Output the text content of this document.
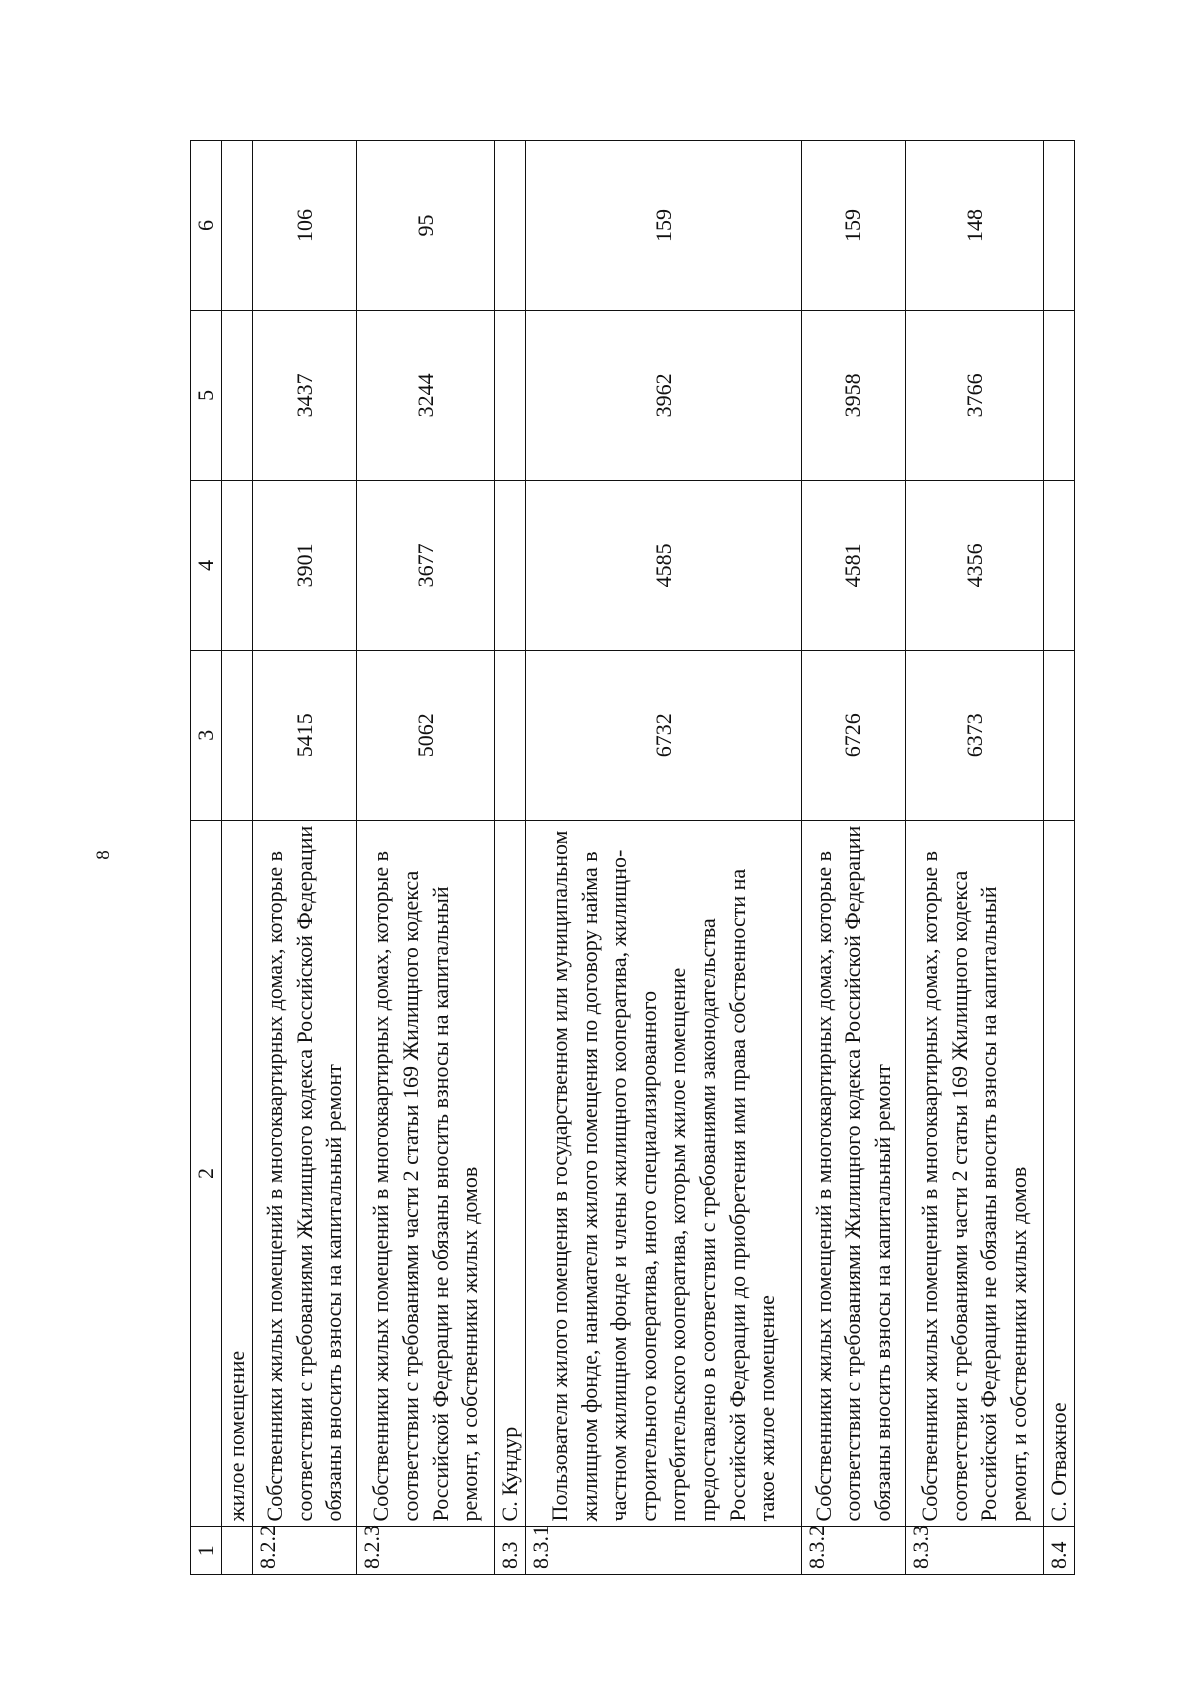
8
1	2	3	4	5	6
	жилое помещение				
8.2.2	Собственники жилых помещений в многоквартирных домах, которые в соответствии с требованиями Жилищного кодекса Российской Федерации обязаны вносить взносы на капитальный ремонт	5415	3901	3437	106
8.2.3	Собственники жилых помещений в многоквартирных домах, которые в соответствии с требованиями части 2 статьи 169 Жилищного кодекса Российской Федерации не обязаны вносить взносы на капитальный ремонт, и собственники жилых домов	5062	3677	3244	95
8.3	С. Кундур				
8.3.1	Пользователи жилого помещения в государственном или муниципальном жилищном фонде, наниматели жилого помещения по договору найма в частном жилищном фонде и члены жилищного кооператива, жилищно-строительного кооператива, иного специализированного потребительского кооператива, которым жилое помещение предоставлено в соответствии с требованиями законодательства Российской Федерации до приобретения ими права собственности на такое жилое помещение	6732	4585	3962	159
8.3.2	Собственники жилых помещений в многоквартирных домах, которые в соответствии с требованиями Жилищного кодекса Российской Федерации обязаны вносить взносы на капитальный ремонт	6726	4581	3958	159
8.3.3	Собственники жилых помещений в многоквартирных домах, которые в соответствии с требованиями части 2 статьи 169 Жилищного кодекса Российской Федерации не обязаны вносить взносы на капитальный ремонт, и собственники жилых домов	6373	4356	3766	148
8.4	С. Отважное				
